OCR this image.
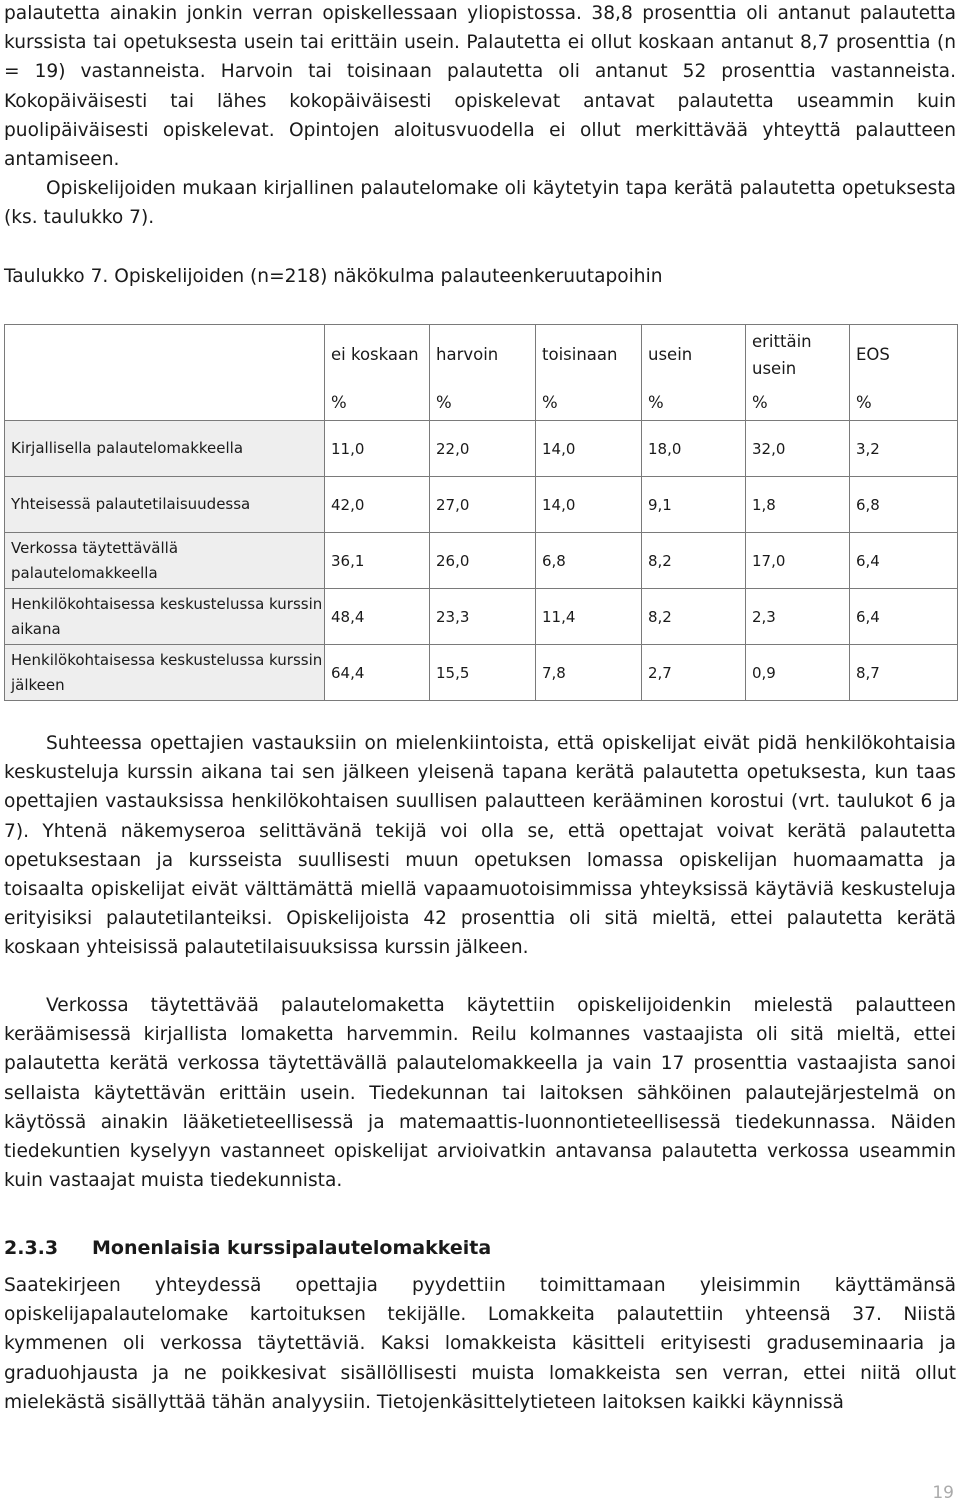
palautetta ainakin jonkin verran opiskellessaan yliopistossa. 38,8 prosenttia oli antanut palautetta kurssista tai opetuksesta usein tai erittäin usein. Palautetta ei ollut koskaan antanut 8,7 prosenttia (n = 19) vastanneista. Harvoin tai toisinaan palautetta oli antanut 52 prosenttia vastanneista. Kokopäiväisesti tai lähes kokopäiväisesti opiskelevat antavat palautetta useammin kuin puolipäiväisesti opiskelevat. Opintojen aloitusvuodella ei ollut merkittävää yhteyttä palautteen antamiseen.

Opiskelijoiden mukaan kirjallinen palautelomake oli käytetyin tapa kerätä palautetta opetuksesta (ks. taulukko 7).

Taulukko 7. Opiskelijoiden (n=218) näkökulma palauteenkeruutapoihin

	ei koskaan	harvoin	toisinaan	usein	erittäin usein	EOS
	%	%	%	%	%	%
Kirjallisella palautelomakkeella	11,0	22,0	14,0	18,0	32,0	3,2
Yhteisessä palautetilaisuudessa	42,0	27,0	14,0	9,1	1,8	6,8
Verkossa täytettävällä palautelomakkeella	36,1	26,0	6,8	8,2	17,0	6,4
Henkilökohtaisessa keskustelussa kurssin aikana	48,4	23,3	11,4	8,2	2,3	6,4
Henkilökohtaisessa keskustelussa kurssin jälkeen	64,4	15,5	7,8	2,7	0,9	8,7

Suhteessa opettajien vastauksiin on mielenkiintoista, että opiskelijat eivät pidä henkilökohtaisia keskusteluja kurssin aikana tai sen jälkeen yleisenä tapana kerätä palautetta opetuksesta, kun taas opettajien vastauksissa henkilökohtaisen suullisen palautteen kerääminen korostui (vrt. taulukot 6 ja 7). Yhtenä näkemyseroa selittävänä tekijä voi olla se, että opettajat voivat kerätä palautetta opetuksestaan ja kursseista suullisesti muun opetuksen lomassa opiskelijan huomaamatta ja toisaalta opiskelijat eivät välttämättä miellä vapaamuotoisimmissa yhteyksissä käytäviä keskusteluja erityisiksi palautetilanteiksi. Opiskelijoista 42 prosenttia oli sitä mieltä, ettei palautetta kerätä koskaan yhteisissä palautetilaisuuksissa kurssin jälkeen.

Verkossa täytettävää palautelomaketta käytettiin opiskelijoidenkin mielestä palautteen keräämisessä kirjallista lomaketta harvemmin. Reilu kolmannes vastaajista oli sitä mieltä, ettei palautetta kerätä verkossa täytettävällä palautelomakkeella ja vain 17 prosenttia vastaajista sanoi sellaista käytettävän erittäin usein. Tiedekunnan tai laitoksen sähköinen palautejärjestelmä on käytössä ainakin lääketieteellisessä ja matemaattis-luonnontieteellisessä tiedekunnassa. Näiden tiedekuntien kyselyyn vastanneet opiskelijat arvioivatkin antavansa palautetta verkossa useammin kuin vastaajat muista tiedekunnista.

2.3.3 Monenlaisia kurssipalautelomakkeita

Saatekirjeen yhteydessä opettajia pyydettiin toimittamaan yleisimmin käyttämänsä opiskelijapalautelomake kartoituksen tekijälle. Lomakkeita palautettiin yhteensä 37. Niistä kymmenen oli verkossa täytettäviä. Kaksi lomakkeista käsitteli erityisesti graduseminaaria ja graduohjausta ja ne poikkesivat sisällöllisesti muista lomakkeista sen verran, ettei niitä ollut mielekästä sisällyttää tähän analyysiin. Tietojenkäsittelytieteen laitoksen kaikki käynnissä

19
